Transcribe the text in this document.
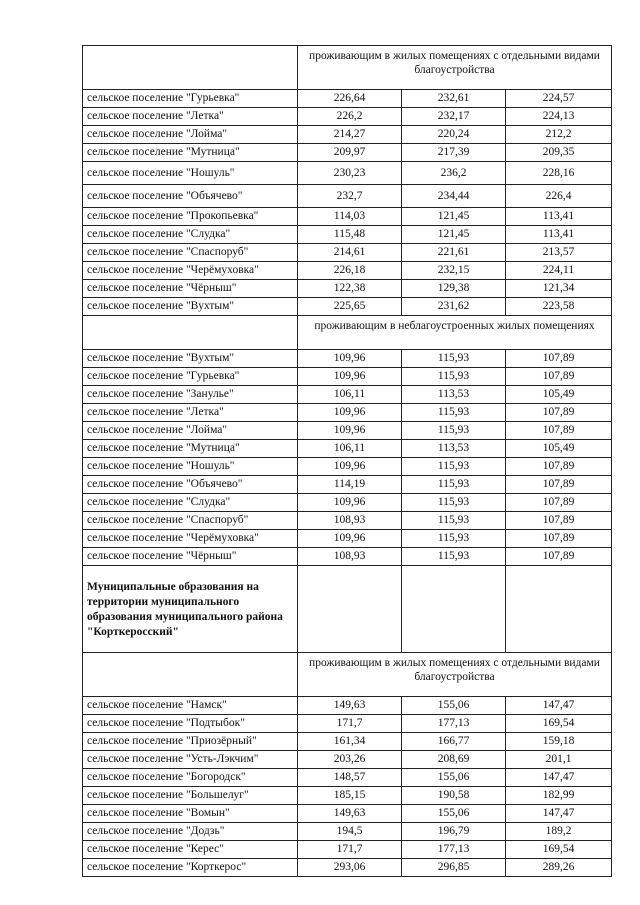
	проживающим в жилых помещениях с отдельными видами благоустройства		
сельское поселение "Гурьевка"	226,64	232,61	224,57
сельское поселение "Летка"	226,2	232,17	224,13
сельское поселение "Лойма"	214,27	220,24	212,2
сельское поселение "Мутница"	209,97	217,39	209,35
сельское поселение "Ношуль"	230,23	236,2	228,16
сельское поселение "Объячево"	232,7	234,44	226,4
сельское поселение "Прокопьевка"	114,03	121,45	113,41
сельское поселение "Слудка"	115,48	121,45	113,41
сельское поселение "Спаспоруб"	214,61	221,61	213,57
сельское поселение "Черёмуховка"	226,18	232,15	224,11
сельское поселение "Чёрныш"	122,38	129,38	121,34
сельское поселение "Вухтым"	225,65	231,62	223,58
	проживающим в неблагоустроенных жилых помещениях		
сельское поселение "Вухтым"	109,96	115,93	107,89
сельское поселение "Гурьевка"	109,96	115,93	107,89
сельское поселение "Занулье"	106,11	113,53	105,49
сельское поселение "Летка"	109,96	115,93	107,89
сельское поселение "Лойма"	109,96	115,93	107,89
сельское поселение "Мутница"	106,11	113,53	105,49
сельское поселение "Ношуль"	109,96	115,93	107,89
сельское поселение "Объячево"	114,19	115,93	107,89
сельское поселение "Слудка"	109,96	115,93	107,89
сельское поселение "Спаспоруб"	108,93	115,93	107,89
сельское поселение "Черёмуховка"	109,96	115,93	107,89
сельское поселение "Чёрныш"	108,93	115,93	107,89
Муниципальные образования на территории муниципального образования муниципального района "Корткеросский"			
	проживающим в жилых помещениях с отдельными видами благоустройства		
сельское поселение "Намск"	149,63	155,06	147,47
сельское поселение "Подтыбок"	171,7	177,13	169,54
сельское поселение "Приозёрный"	161,34	166,77	159,18
сельское поселение "Усть-Лэкчим"	203,26	208,69	201,1
сельское поселение "Богородск"	148,57	155,06	147,47
сельское поселение "Большелуг"	185,15	190,58	182,99
сельское поселение "Вомын"	149,63	155,06	147,47
сельское поселение "Додзь"	194,5	196,79	189,2
сельское поселение "Керес"	171,7	177,13	169,54
сельское поселение "Корткерос"	293,06	296,85	289,26
